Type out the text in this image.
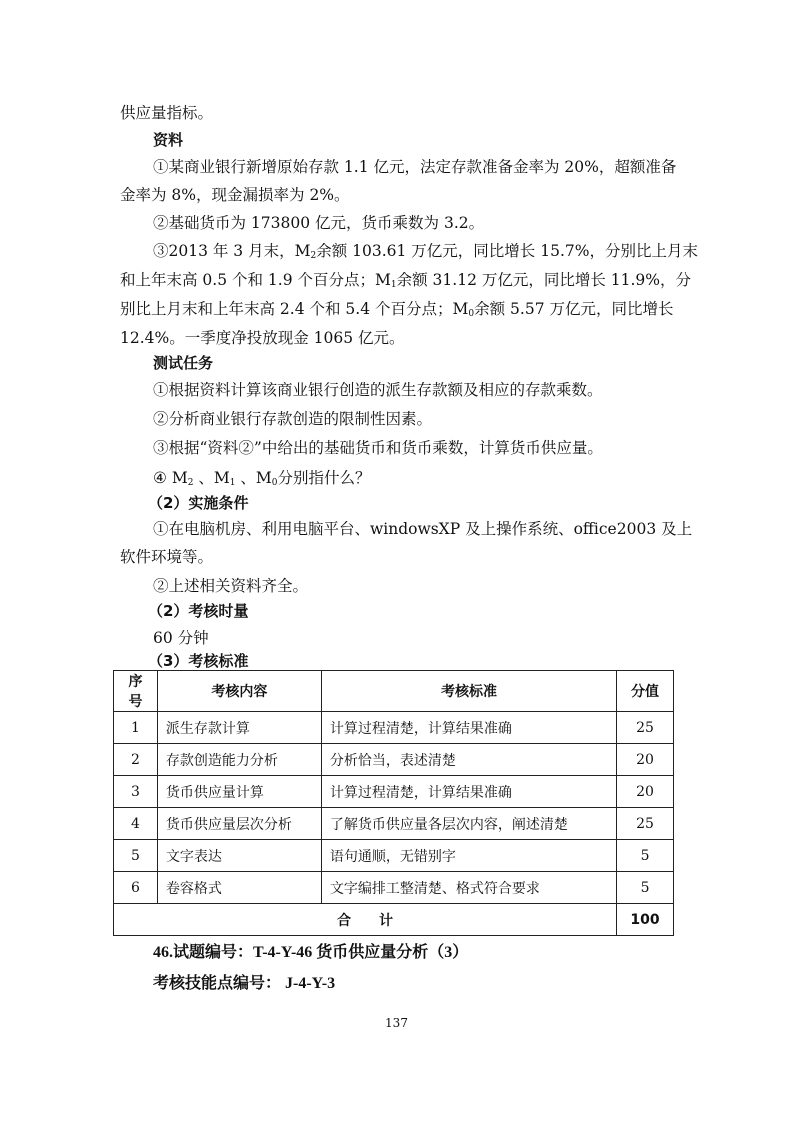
供应量指标。
资料
①某商业银行新增原始存款 1.1 亿元，法定存款准备金率为 20%，超额准备
金率为 8%，现金漏损率为 2%。
②基础货币为 173800 亿元，货币乘数为 3.2。
③2013 年 3 月末，$M_2$余额 103.61 万亿元，同比增长 15.7%，分别比上月末
和上年末高 0.5 个和 1.9 个百分点；$M_1$余额 31.12 万亿元，同比增长 11.9%，分
别比上月末和上年末高 2.4 个和 5.4 个百分点；$M_0$余额 5.57 万亿元，同比增长
12.4%。一季度净投放现金 1065 亿元。
测试任务
①根据资料计算该商业银行创造的派生存款额及相应的存款乘数。
②分析商业银行存款创造的限制性因素。
③根据“资料②”中给出的基础货币和货币乘数，计算货币供应量。
④ $M_2$ 、$M_1$ 、$M_0$分别指什么？
（2）实施条件
①在电脑机房、利用电脑平台、windowsXP 及上操作系统、office2003 及上
软件环境等。
②上述相关资料齐全。
（2）考核时量
60 分钟
（3）考核标准
序号	考核内容	考核标准	分值
1	派生存款计算	计算过程清楚，计算结果准确	25
2	存款创造能力分析	分析恰当，表述清楚	20
3	货币供应量计算	计算过程清楚，计算结果准确	20
4	货币供应量层次分析	了解货币供应量各层次内容，阐述清楚	25
5	文字表达	语句通顺，无错别字	5
6	卷容格式	文字编排工整清楚、格式符合要求	5
合　　计			100
46.试题编号：T-4-Y-46 货币供应量分析（3）
考核技能点编号： J-4-Y-3
137
